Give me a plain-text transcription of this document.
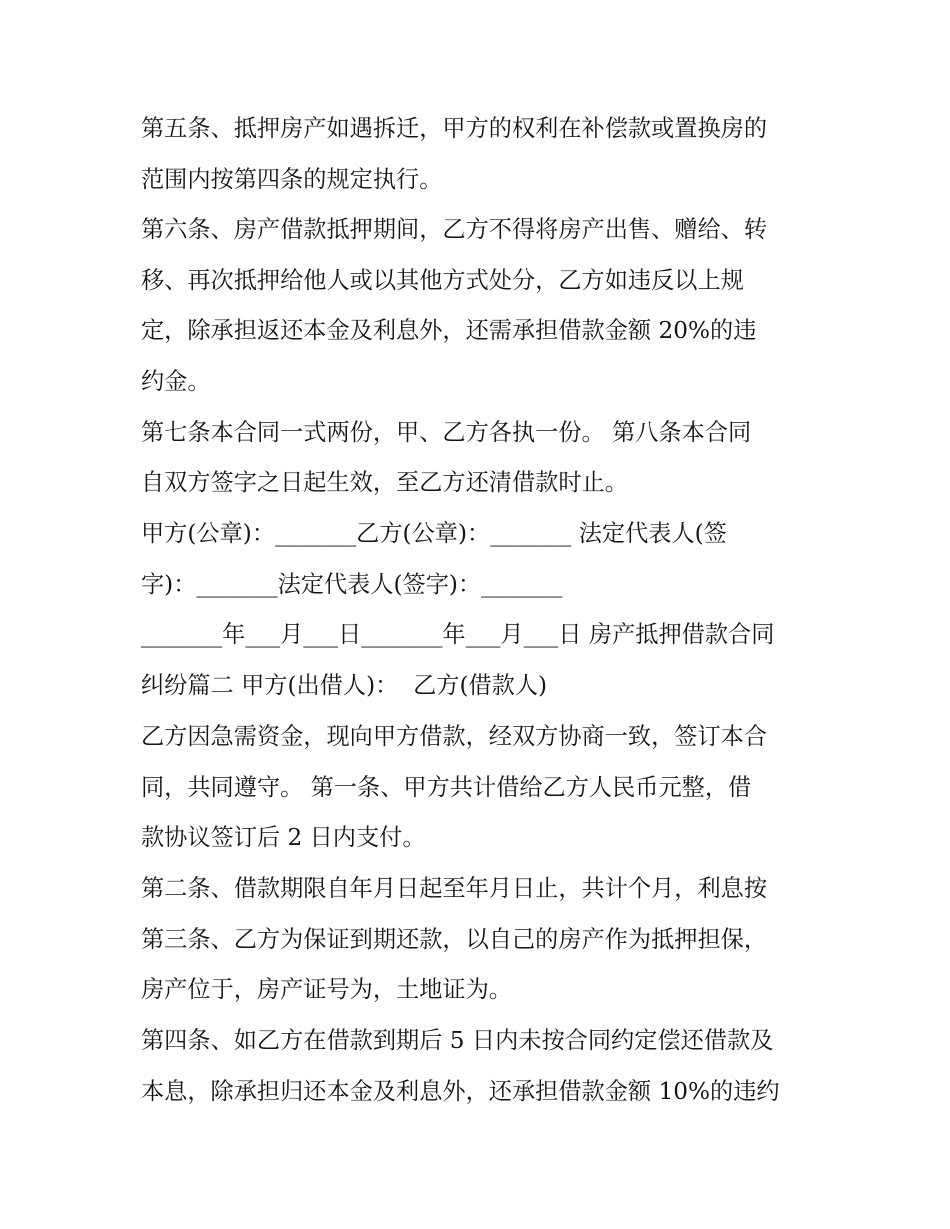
第五条、抵押房产如遇拆迁，甲方的权利在补偿款或置换房的

范围内按第四条的规定执行。

第六条、房产借款抵押期间，乙方不得将房产出售、赠给、转

移、再次抵押给他人或以其他方式处分，乙方如违反以上规

定，除承担返还本金及利息外，还需承担借款金额 20%的违

约金。

第七条本合同一式两份，甲、乙方各执一份。 第八条本合同

自双方签字之日起生效，至乙方还清借款时止。

甲方(公章)：_______乙方(公章)：_______ 法定代表人(签

字)：_______法定代表人(签字)：_______

_______年___月___日_______年___月___日 房产抵押借款合同

纠纷篇二 甲方(出借人)：  乙方(借款人)

乙方因急需资金，现向甲方借款，经双方协商一致，签订本合

同，共同遵守。 第一条、甲方共计借给乙方人民币元整，借

款协议签订后 2 日内支付。

第二条、借款期限自年月日起至年月日止，共计个月，利息按

第三条、乙方为保证到期还款，以自己的房产作为抵押担保，

房产位于，房产证号为，土地证为。

第四条、如乙方在借款到期后 5 日内未按合同约定偿还借款及

本息，除承担归还本金及利息外，还承担借款金额 10%的违约
